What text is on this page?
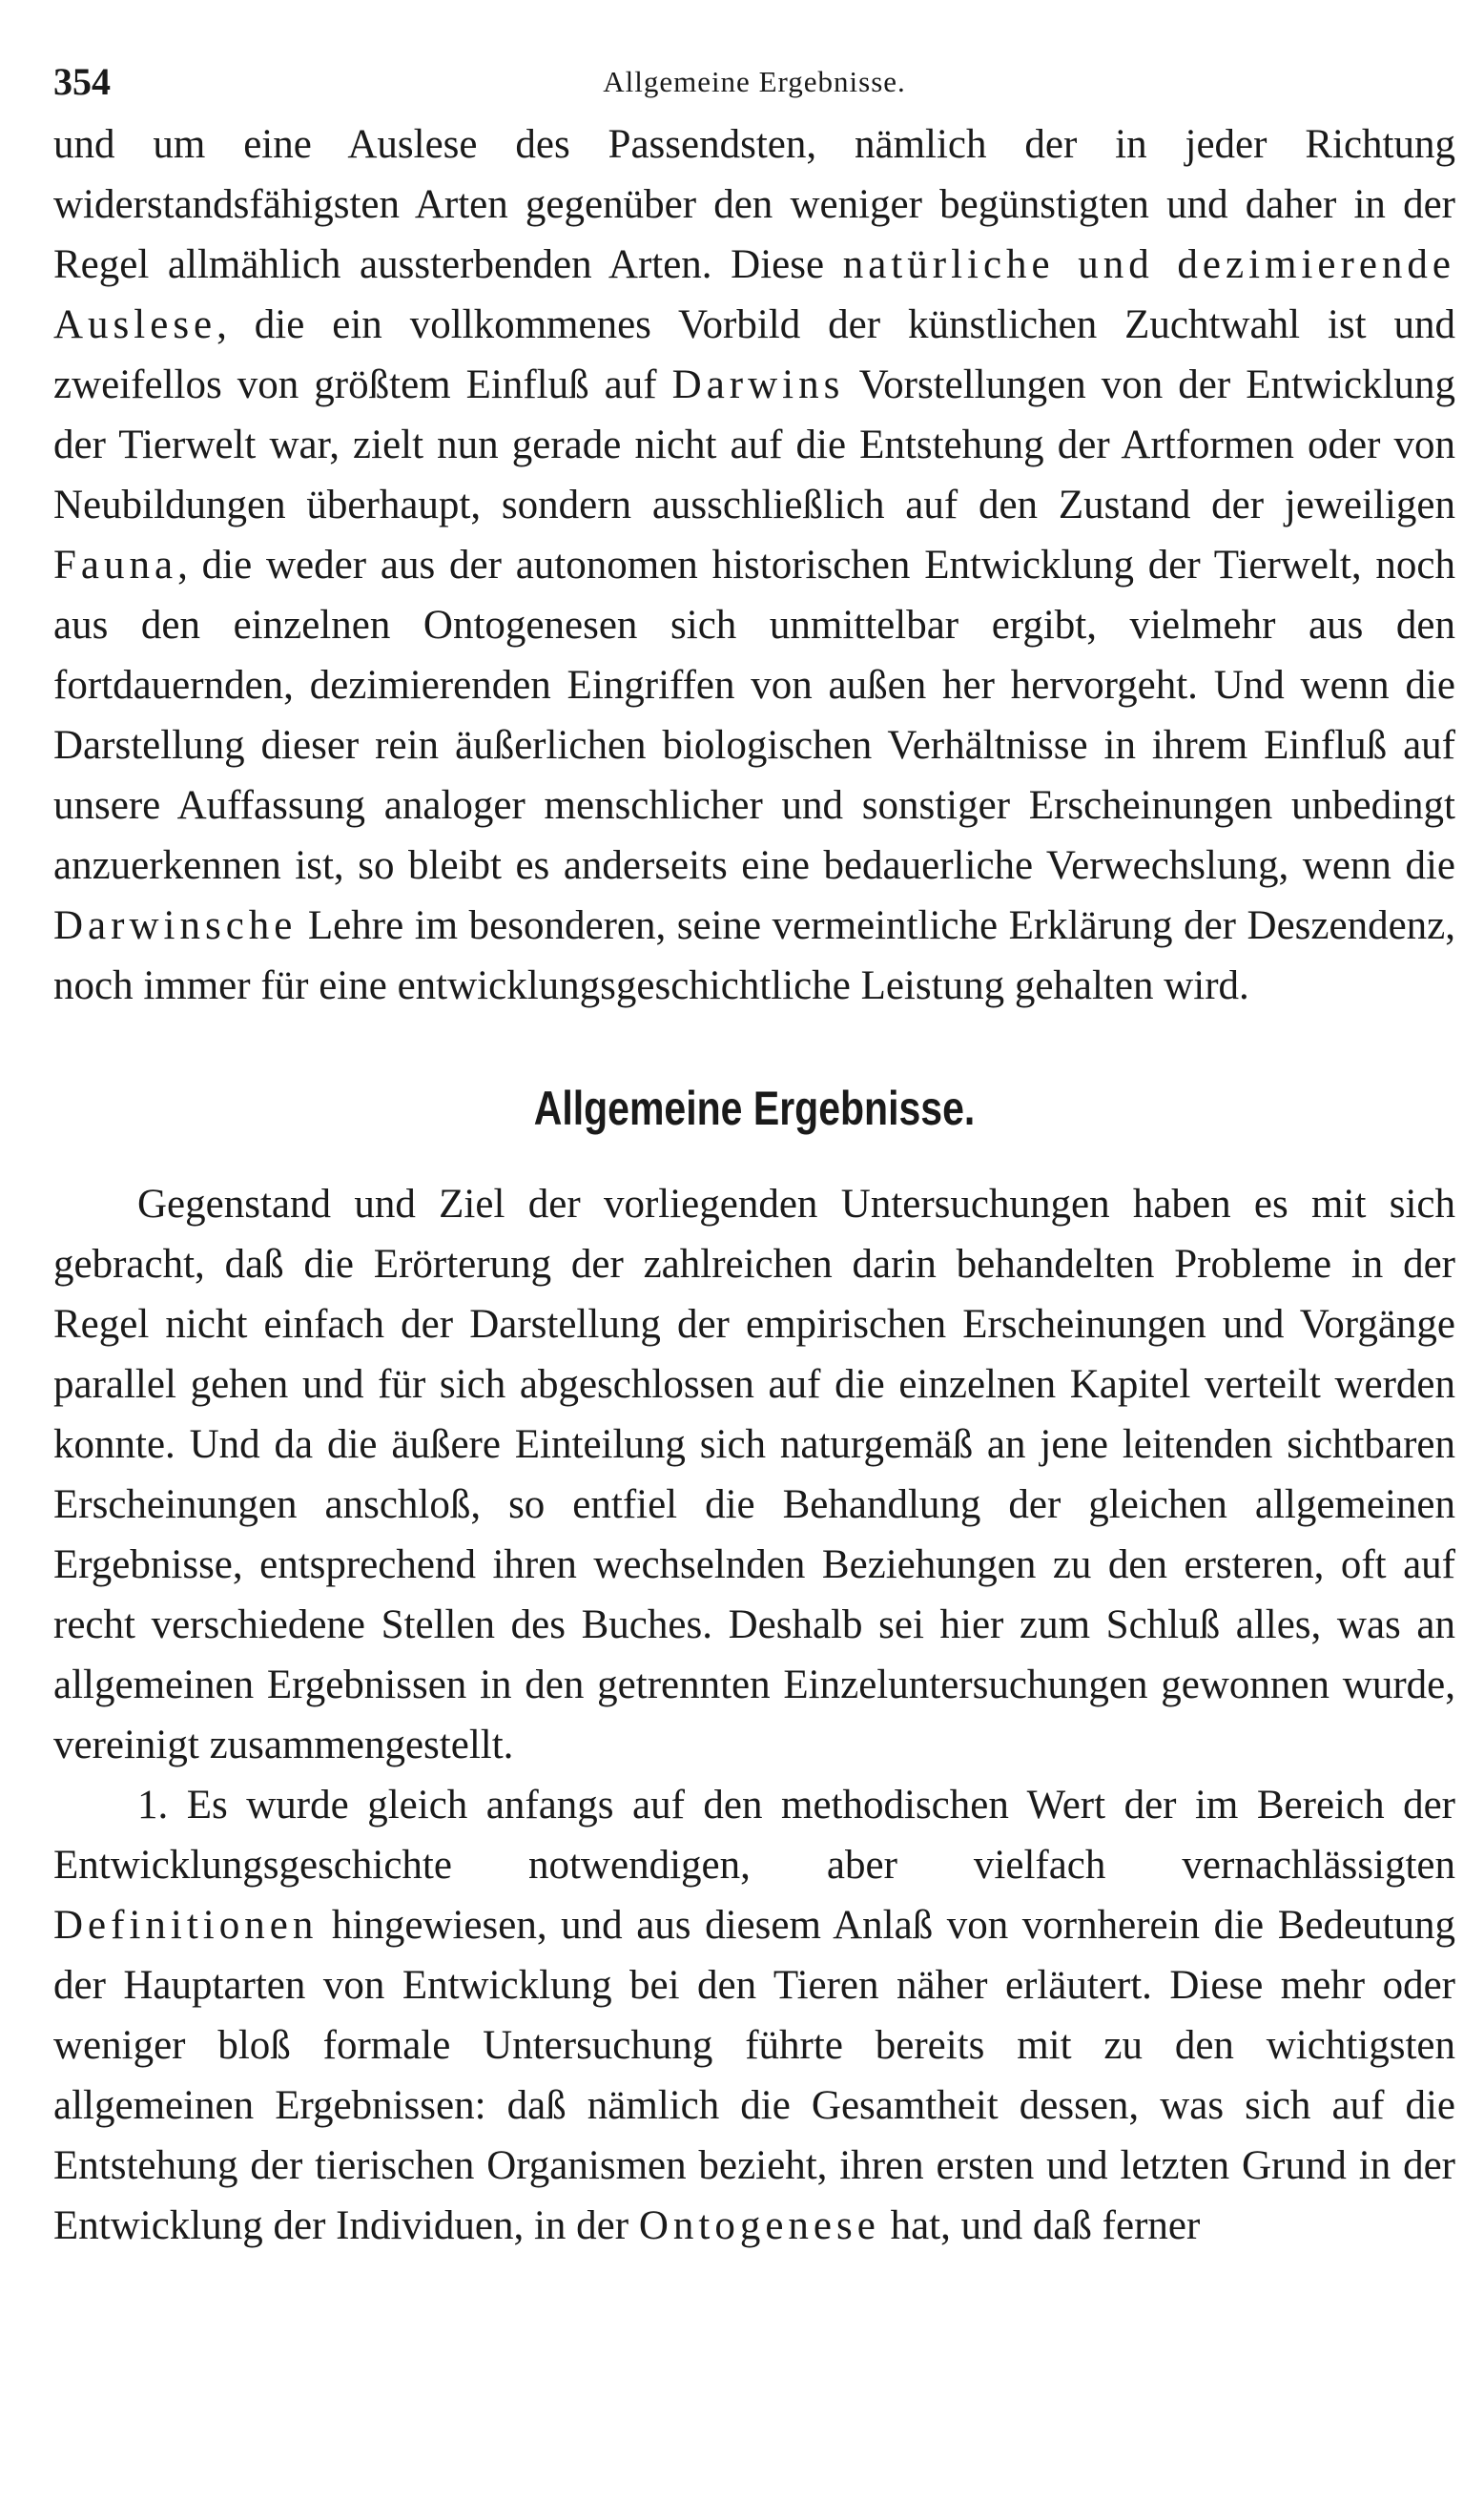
354	Allgemeine Ergebnisse.

und um eine Auslese des Passendsten, nämlich der in jeder Richtung widerstandsfähigsten Arten gegenüber den weniger begünstigten und daher in der Regel allmählich aussterbenden Arten. Diese natürliche und dezimierende Auslese, die ein vollkommenes Vorbild der künstlichen Zuchtwahl ist und zweifellos von größtem Einfluß auf Darwins Vorstellungen von der Entwicklung der Tierwelt war, zielt nun gerade nicht auf die Entstehung der Artformen oder von Neubildungen überhaupt, sondern ausschließlich auf den Zustand der jeweiligen Fauna, die weder aus der autonomen historischen Entwicklung der Tierwelt, noch aus den einzelnen Ontogenesen sich unmittelbar ergibt, vielmehr aus den fortdauernden, dezimierenden Eingriffen von außen her hervorgeht. Und wenn die Darstellung dieser rein äußerlichen biologischen Verhältnisse in ihrem Einfluß auf unsere Auffassung analoger menschlicher und sonstiger Erscheinungen unbedingt anzuerkennen ist, so bleibt es anderseits eine bedauerliche Verwechslung, wenn die Darwinsche Lehre im besonderen, seine vermeintliche Erklärung der Deszendenz, noch immer für eine entwicklungsgeschichtliche Leistung gehalten wird.

Allgemeine Ergebnisse.

Gegenstand und Ziel der vorliegenden Untersuchungen haben es mit sich gebracht, daß die Erörterung der zahlreichen darin behandelten Probleme in der Regel nicht einfach der Darstellung der empirischen Erscheinungen und Vorgänge parallel gehen und für sich abgeschlossen auf die einzelnen Kapitel verteilt werden konnte. Und da die äußere Einteilung sich naturgemäß an jene leitenden sichtbaren Erscheinungen anschloß, so entfiel die Behandlung der gleichen allgemeinen Ergebnisse, entsprechend ihren wechselnden Beziehungen zu den ersteren, oft auf recht verschiedene Stellen des Buches. Deshalb sei hier zum Schluß alles, was an allgemeinen Ergebnissen in den getrennten Einzeluntersuchungen gewonnen wurde, vereinigt zusammengestellt.

1. Es wurde gleich anfangs auf den methodischen Wert der im Bereich der Entwicklungsgeschichte notwendigen, aber vielfach vernachlässigten Definitionen hingewiesen, und aus diesem Anlaß von vornherein die Bedeutung der Hauptarten von Entwicklung bei den Tieren näher erläutert. Diese mehr oder weniger bloß formale Untersuchung führte bereits mit zu den wichtigsten allgemeinen Ergebnissen: daß nämlich die Gesamtheit dessen, was sich auf die Entstehung der tierischen Organismen bezieht, ihren ersten und letzten Grund in der Entwicklung der Individuen, in der Ontogenese hat, und daß ferner
